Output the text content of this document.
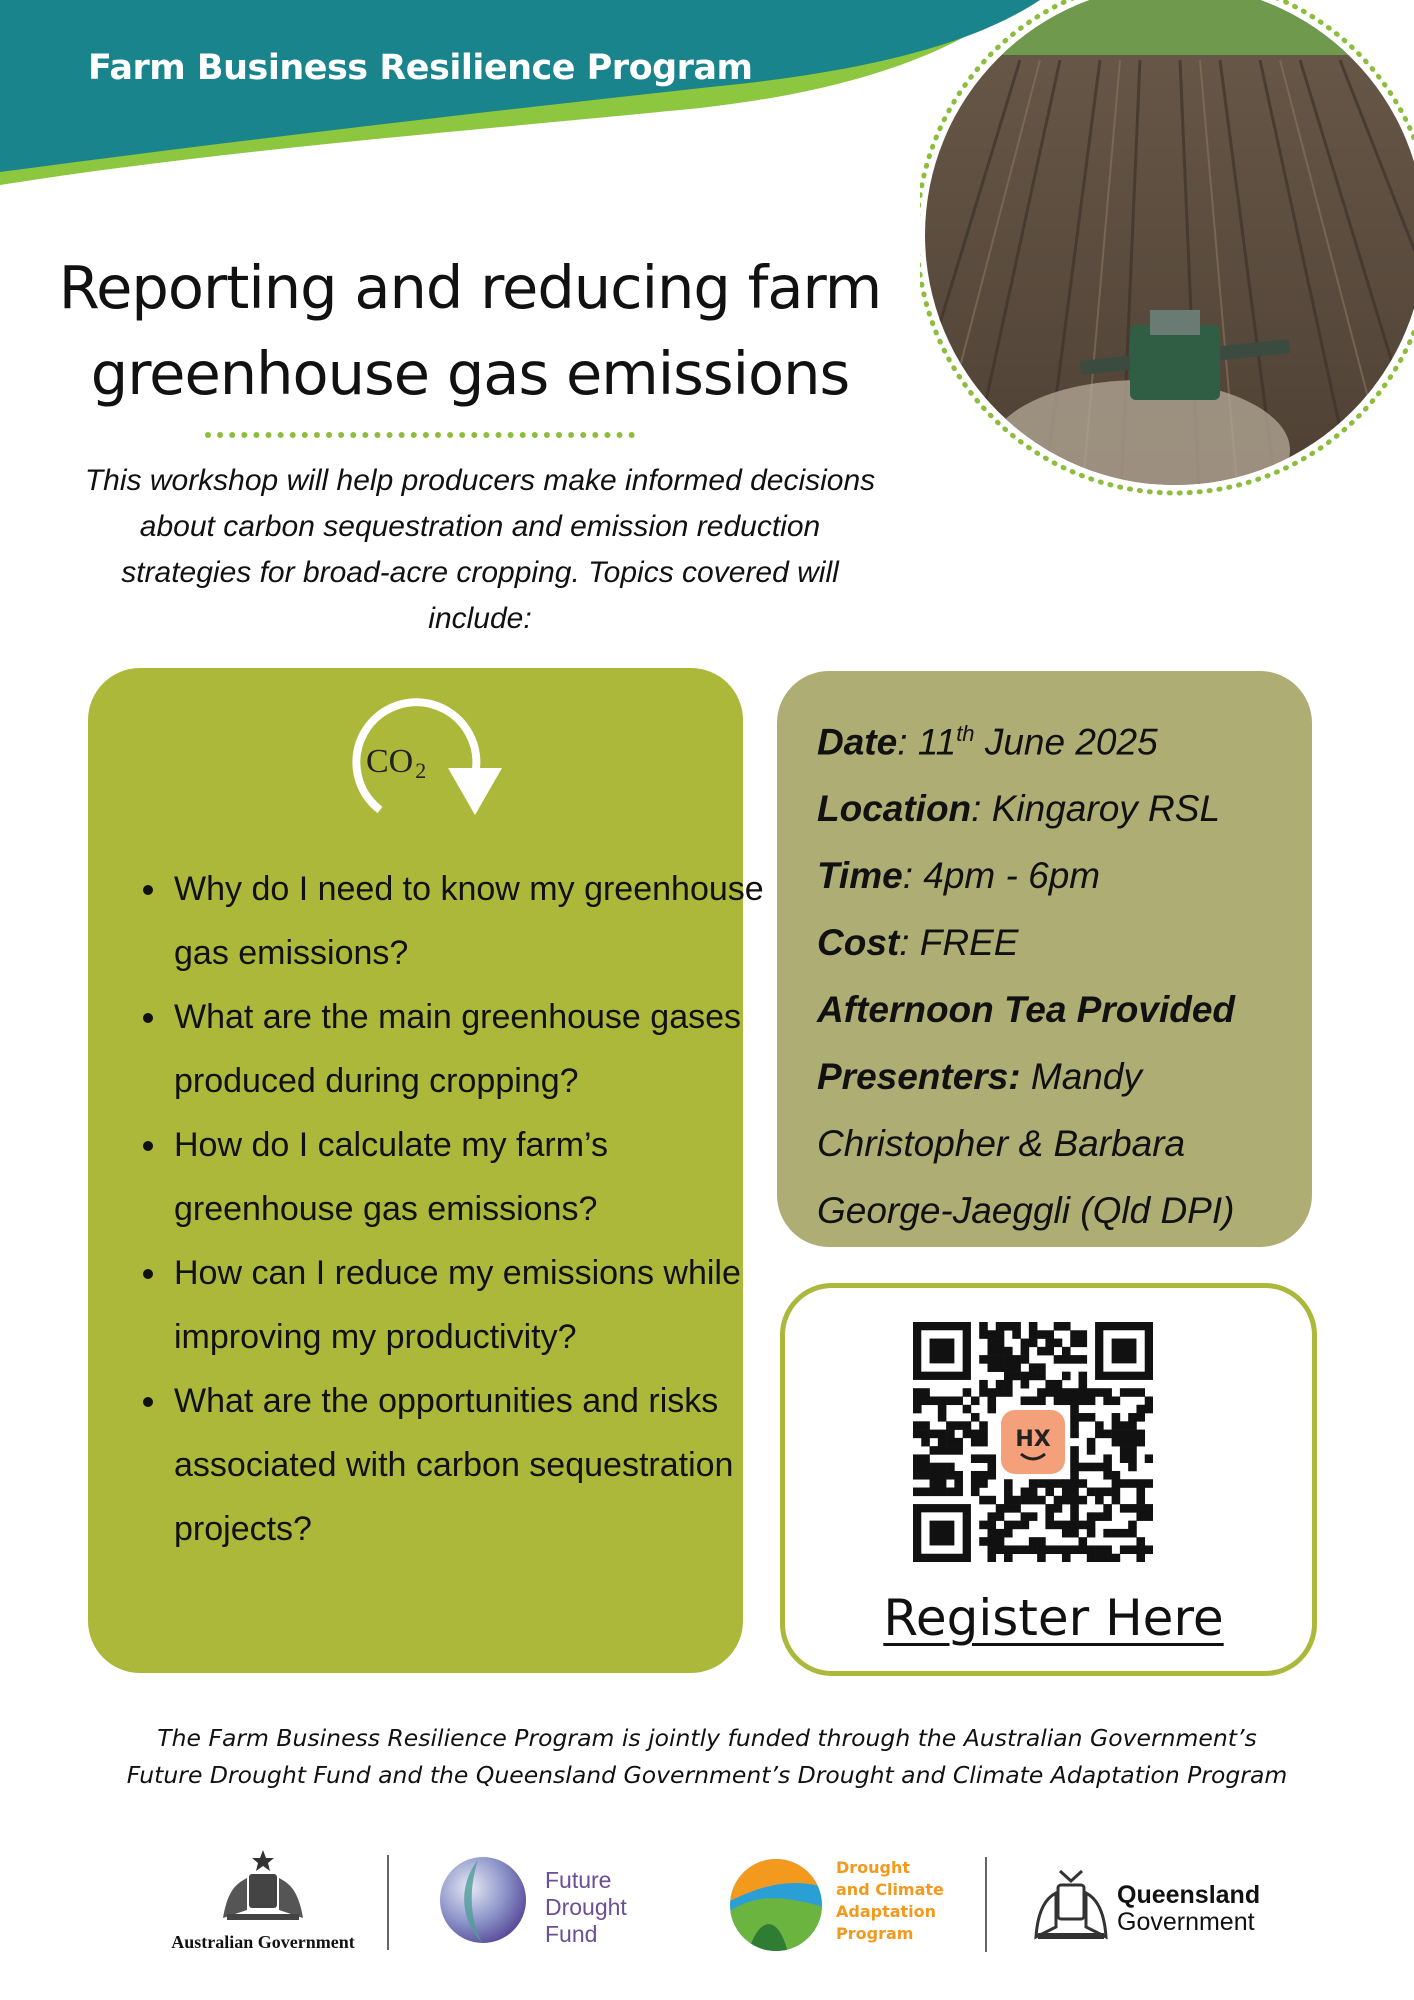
Farm Business Resilience Program
Reporting and reducing farm
greenhouse gas emissions
This workshop will help producers make informed decisions about carbon sequestration and emission reduction strategies for broad-acre cropping. Topics covered will include:
CO2
• Why do I need to know my greenhouse gas emissions?
• What are the main greenhouse gases produced during cropping?
• How do I calculate my farm’s greenhouse gas emissions?
• How can I reduce my emissions while improving my productivity?
• What are the opportunities and risks associated with carbon sequestration projects?
Date: 11th June 2025
Location: Kingaroy RSL
Time: 4pm - 6pm
Cost: FREE
Afternoon Tea Provided
Presenters: Mandy
Christopher & Barbara
George-Jaeggli (Qld DPI)
HX
Register Here
The Farm Business Resilience Program is jointly funded through the Australian Government’s
Future Drought Fund and the Queensland Government’s Drought and Climate Adaptation Program
Australian Government
Future
Drought
Fund
Drought
and Climate
Adaptation
Program
Queensland
Government
